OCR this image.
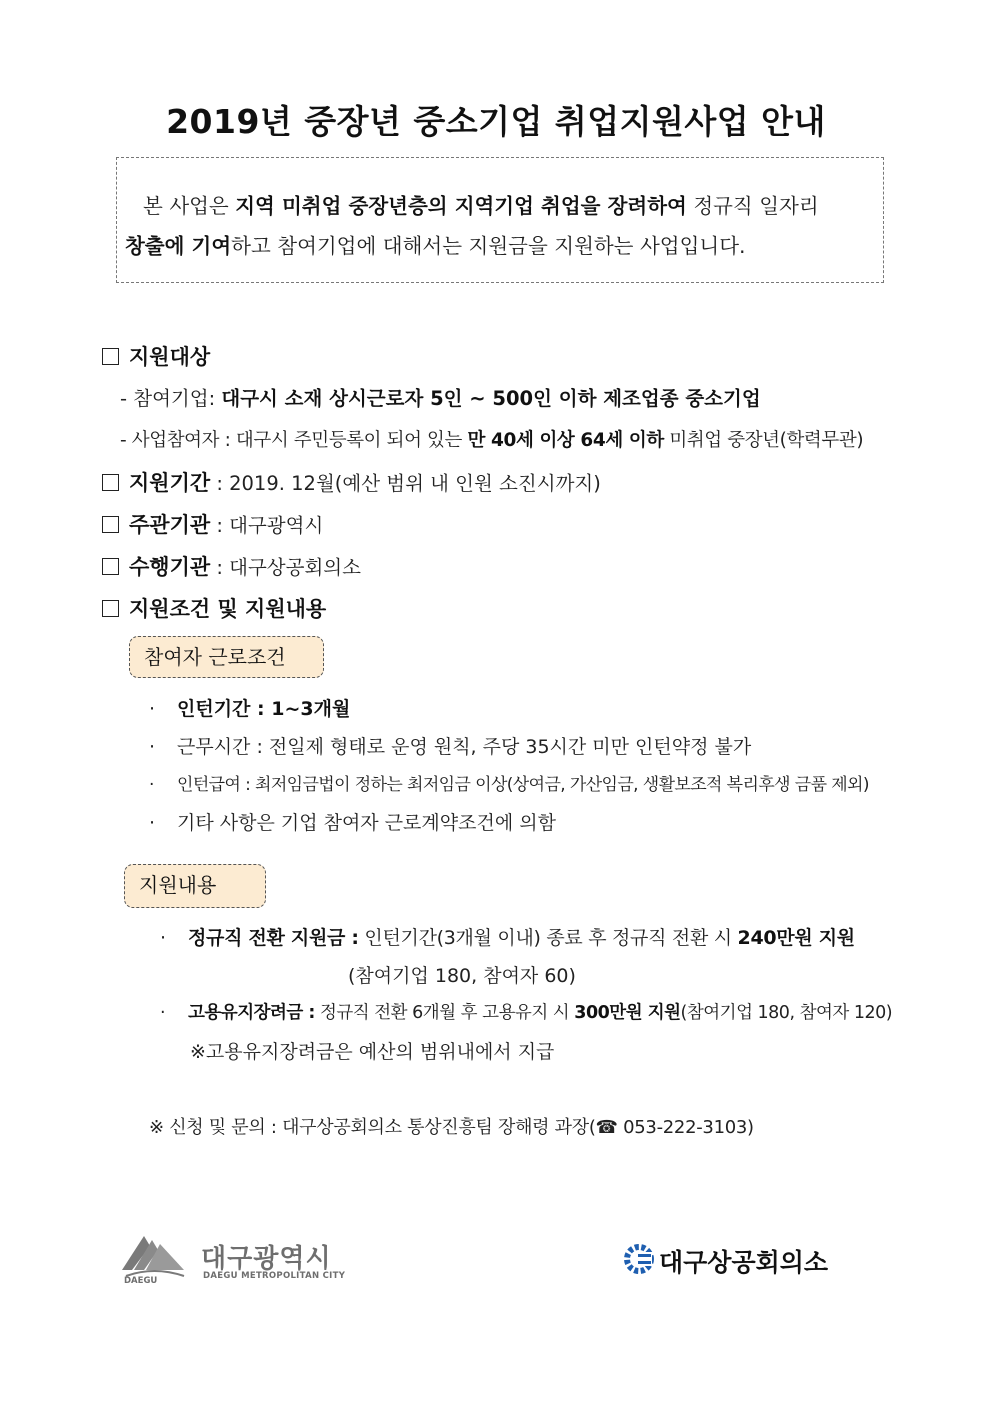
2019년 중장년 중소기업 취업지원사업 안내
본 사업은 지역 미취업 중장년층의 지역기업 취업을 장려하여 정규직 일자리
창출에 기여하고 참여기업에 대해서는 지원금을 지원하는 사업입니다.
지원대상
- 참여기업: 대구시 소재 상시근로자 5인 ~ 500인 이하 제조업종 중소기업
- 사업참여자 : 대구시 주민등록이 되어 있는 만 40세 이상 64세 이하 미취업 중장년(학력무관)
지원기간 : 2019. 12월(예산 범위 내 인원 소진시까지)
주관기관 : 대구광역시
수행기관 : 대구상공회의소
지원조건 및 지원내용
참여자 근로조건
· 인턴기간 : 1~3개월
· 근무시간 : 전일제 형태로 운영 원칙, 주당 35시간 미만 인턴약정 불가
· 인턴급여 : 최저임금법이 정하는 최저임금 이상(상여금, 가산임금, 생활보조적 복리후생 금품 제외)
· 기타 사항은 기업 참여자 근로계약조건에 의함
지원내용
· 정규직 전환 지원금 : 인턴기간(3개월 이내) 종료 후 정규직 전환 시 240만원 지원
(참여기업 180, 참여자 60)
· 고용유지장려금 : 정규직 전환 6개월 후 고용유지 시 300만원 지원(참여기업 180, 참여자 120)
※고용유지장려금은 예산의 범위내에서 지급
※ 신청 및 문의 : 대구상공회의소 통상진흥팀 장해령 과장(☎ 053-222-3103)
DAEGU
대구광역시
DAEGU METROPOLITAN CITY	대구상공회의소
